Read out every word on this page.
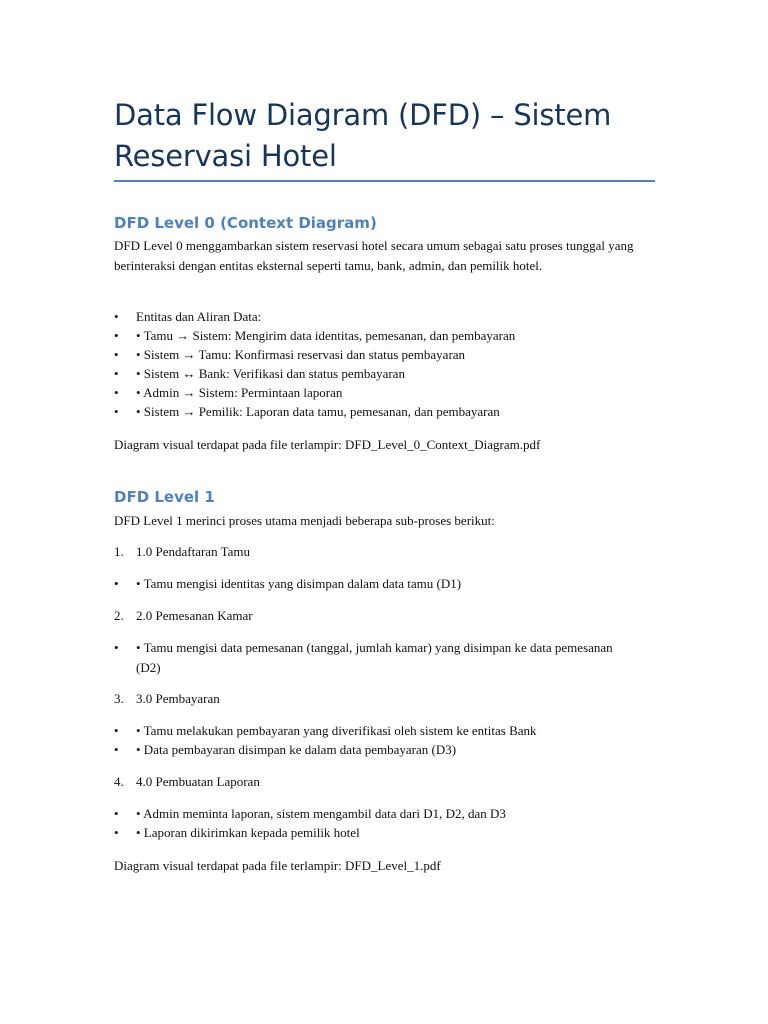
Data Flow Diagram (DFD) – Sistem Reservasi Hotel
DFD Level 0 (Context Diagram)

DFD Level 0 menggambarkan sistem reservasi hotel secara umum sebagai satu proses tunggal yang berinteraksi dengan entitas eksternal seperti tamu, bank, admin, dan pemilik hotel.

• Entitas dan Aliran Data:
• • Tamu → Sistem: Mengirim data identitas, pemesanan, dan pembayaran
• • Sistem → Tamu: Konfirmasi reservasi dan status pembayaran
• • Sistem ↔ Bank: Verifikasi dan status pembayaran
• • Admin → Sistem: Permintaan laporan
• • Sistem → Pemilik: Laporan data tamu, pemesanan, dan pembayaran

Diagram visual terdapat pada file terlampir: DFD_Level_0_Context_Diagram.pdf

DFD Level 1

DFD Level 1 merinci proses utama menjadi beberapa sub-proses berikut:

1. 1.0 Pendaftaran Tamu
• • Tamu mengisi identitas yang disimpan dalam data tamu (D1)
2. 2.0 Pemesanan Kamar
• • Tamu mengisi data pemesanan (tanggal, jumlah kamar) yang disimpan ke data pemesanan (D2)
3. 3.0 Pembayaran
• • Tamu melakukan pembayaran yang diverifikasi oleh sistem ke entitas Bank
• • Data pembayaran disimpan ke dalam data pembayaran (D3)
4. 4.0 Pembuatan Laporan
• • Admin meminta laporan, sistem mengambil data dari D1, D2, dan D3
• • Laporan dikirimkan kepada pemilik hotel

Diagram visual terdapat pada file terlampir: DFD_Level_1.pdf
